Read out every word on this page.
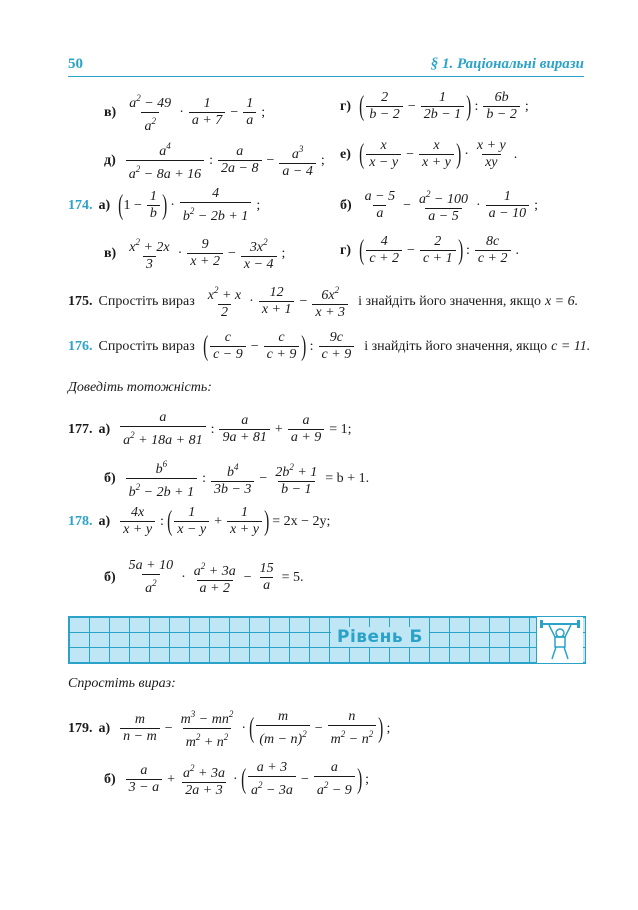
50	§ 1. Раціональні вирази
$в) \frac{a^2 - 49}{a^2} \cdot \frac{1}{a + 7} - \frac{1}{a}$ ;	г) ( $\frac{2}{b - 2} - \frac{1}{2b - 1}$ ) : $\frac{6b}{b - 2}$ ;
$д) \frac{a^4}{a^2 - 8a + 16}$ : $\frac{a}{2a - 8} - \frac{a^3}{a - 4}$ ; е) ( $\frac{x}{x - y} - \frac{x}{x + y}$ ) · $\frac{x + y}{xy}$ .
174. а) ( $1 - \frac{1}{b}$ ) · $\frac{4}{b^2 - 2b + 1}$ ;	$б) \frac{a - 5}{a} - \frac{a^2 - 100}{a - 5} \cdot \frac{1}{a - 10}$ ;
$в) \frac{x^2 + 2x}{3} \cdot \frac{9}{x + 2} - \frac{3x^2}{x - 4}$ ;	г) ( $\frac{4}{c + 2} - \frac{2}{c + 1}$ ) : $\frac{8c}{c + 2}$ .
175. Спростіть вираз $\frac{x^2 + x}{2} \cdot \frac{12}{x + 1} - \frac{6x^2}{x + 3}$ і знайдіть його значення, якщо x = 6.
176. Спростіть вираз ( $\frac{c}{c - 9} - \frac{c}{c + 9}$ ) : $\frac{9c}{c + 9}$ і знайдіть його значення, якщо c = 11.
Доведіть тотожність:
177. $а) \frac{a}{a^2 + 18a + 81}$ : $\frac{a}{9a + 81} + \frac{a}{a + 9} = 1$;
$б) \frac{b^6}{b^2 - 2b + 1}$ : $\frac{b^4}{3b - 3} - \frac{2b^2 + 1}{b - 1} = b + 1$.
178. $а) \frac{4x}{x + y}$ : ( $\frac{1}{x - y} + \frac{1}{x + y}$ ) = 2x − 2y;
$б) \frac{5a + 10}{a^2} \cdot \frac{a^2 + 3a}{a + 2} - \frac{15}{a} = 5$.
Рівень Б
Спростіть вираз:
179. $а) \frac{m}{n - m} - \frac{m^3 - mn^2}{m^2 + n^2}$ · ( $\frac{m}{(m - n)^2} - \frac{n}{m^2 - n^2}$ ) ;
$б) \frac{a}{3 - a} + \frac{a^2 + 3a}{2a + 3}$ · ( $\frac{a + 3}{a^2 - 3a} - \frac{a}{a^2 - 9}$ ) ;
